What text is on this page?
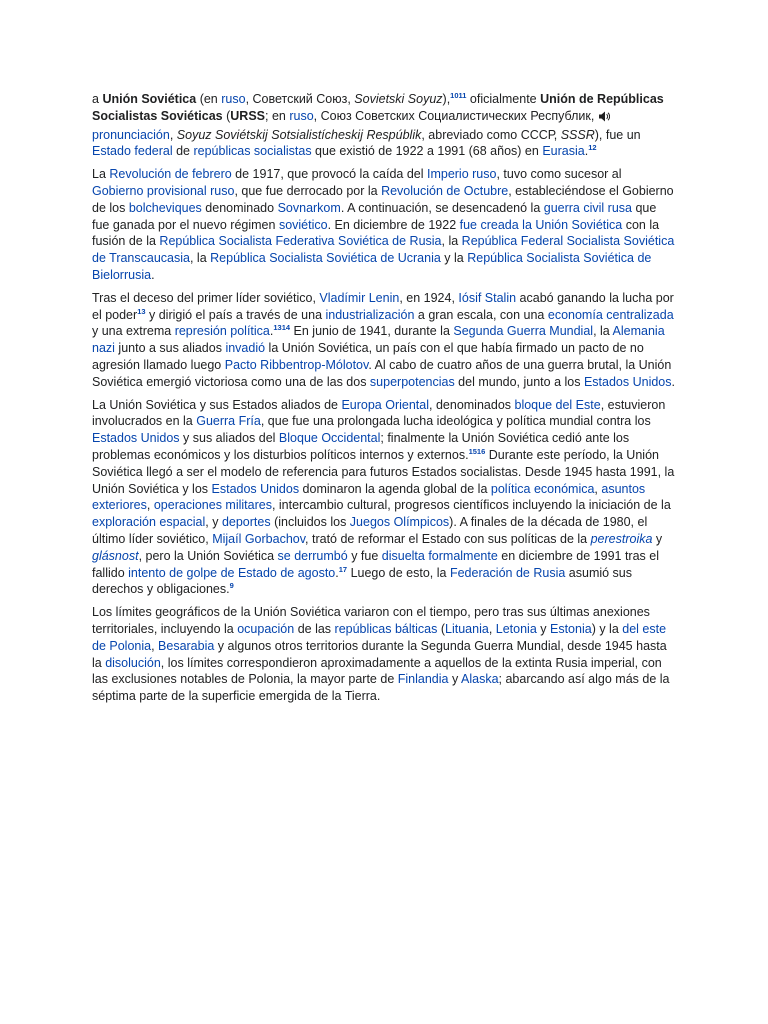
a Unión Soviética (en ruso, Советский Союз, Sovietski Soyuz),$^{1011}$ oficialmente Unión de Repúblicas Socialistas Soviéticas (URSS; en ruso, Союз Советских Социалистических Республик,  pronunciación, Soyuz Soviétskij Sotsialistícheskij Respúblik, abreviado como СССР, SSSR), fue un Estado federal de repúblicas socialistas que existió de 1922 a 1991 (68 años) en Eurasia.$^{12}$

La Revolución de febrero de 1917, que provocó la caída del Imperio ruso, tuvo como sucesor al Gobierno provisional ruso, que fue derrocado por la Revolución de Octubre, estableciéndose el Gobierno de los bolcheviques denominado Sovnarkom. A continuación, se desencadenó la guerra civil rusa que fue ganada por el nuevo régimen soviético. En diciembre de 1922 fue creada la Unión Soviética con la fusión de la República Socialista Federativa Soviética de Rusia, la República Federal Socialista Soviética de Transcaucasia, la República Socialista Soviética de Ucrania y la República Socialista Soviética de Bielorrusia.

Tras el deceso del primer líder soviético, Vladímir Lenin, en 1924, Iósif Stalin acabó ganando la lucha por el poder$^{13}$ y dirigió el país a través de una industrialización a gran escala, con una economía centralizada y una extrema represión política.$^{1314}$ En junio de 1941, durante la Segunda Guerra Mundial, la Alemania nazi junto a sus aliados invadió la Unión Soviética, un país con el que había firmado un pacto de no agresión llamado luego Pacto Ribbentrop-Mólotov. Al cabo de cuatro años de una guerra brutal, la Unión Soviética emergió victoriosa como una de las dos superpotencias del mundo, junto a los Estados Unidos.

La Unión Soviética y sus Estados aliados de Europa Oriental, denominados bloque del Este, estuvieron involucrados en la Guerra Fría, que fue una prolongada lucha ideológica y política mundial contra los Estados Unidos y sus aliados del Bloque Occidental; finalmente la Unión Soviética cedió ante los problemas económicos y los disturbios políticos internos y externos.$^{1516}$ Durante este período, la Unión Soviética llegó a ser el modelo de referencia para futuros Estados socialistas. Desde 1945 hasta 1991, la Unión Soviética y los Estados Unidos dominaron la agenda global de la política económica, asuntos exteriores, operaciones militares, intercambio cultural, progresos científicos incluyendo la iniciación de la exploración espacial, y deportes (incluidos los Juegos Olímpicos). A finales de la década de 1980, el último líder soviético, Mijaíl Gorbachov, trató de reformar el Estado con sus políticas de la perestroika y glásnost, pero la Unión Soviética se derrumbó y fue disuelta formalmente en diciembre de 1991 tras el fallido intento de golpe de Estado de agosto.$^{17}$ Luego de esto, la Federación de Rusia asumió sus derechos y obligaciones.$^9$

Los límites geográficos de la Unión Soviética variaron con el tiempo, pero tras sus últimas anexiones territoriales, incluyendo la ocupación de las repúblicas bálticas (Lituania, Letonia y Estonia) y la del este de Polonia, Besarabia y algunos otros territorios durante la Segunda Guerra Mundial, desde 1945 hasta la disolución, los límites correspondieron aproximadamente a aquellos de la extinta Rusia imperial, con las exclusiones notables de Polonia, la mayor parte de Finlandia y Alaska; abarcando así algo más de la séptima parte de la superficie emergida de la Tierra.
